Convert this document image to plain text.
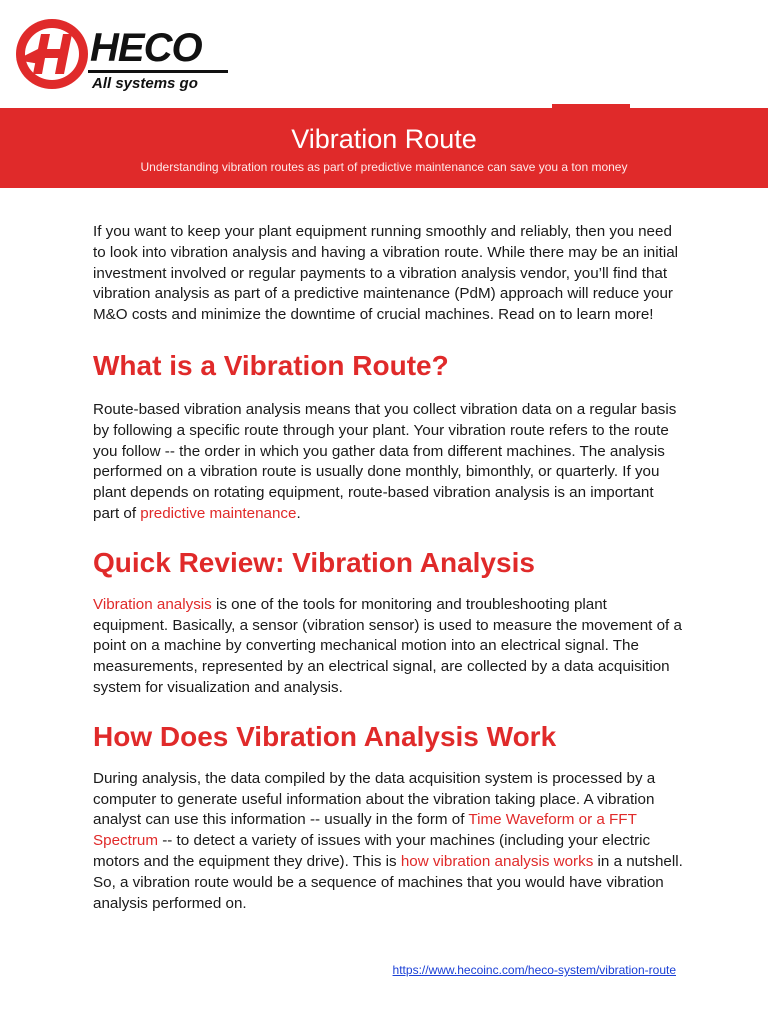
HECO
All systems go
Vibration Route
Understanding vibration routes as part of predictive maintenance can save you a ton money

If you want to keep your plant equipment running smoothly and reliably, then you need to look into vibration analysis and having a vibration route. While there may be an initial investment involved or regular payments to a vibration analysis vendor, you’ll find that vibration analysis as part of a predictive maintenance (PdM) approach will reduce your M&O costs and minimize the downtime of crucial machines. Read on to learn more!

What is a Vibration Route?

Route-based vibration analysis means that you collect vibration data on a regular basis by following a specific route through your plant. Your vibration route refers to the route you follow -- the order in which you gather data from different machines. The analysis performed on a vibration route is usually done monthly, bimonthly, or quarterly. If you plant depends on rotating equipment, route-based vibration analysis is an important part of predictive maintenance.

Quick Review: Vibration Analysis

Vibration analysis is one of the tools for monitoring and troubleshooting plant equipment. Basically, a sensor (vibration sensor) is used to measure the movement of a point on a machine by converting mechanical motion into an electrical signal. The measurements, represented by an electrical signal, are collected by a data acquisition system for visualization and analysis.

How Does Vibration Analysis Work

During analysis, the data compiled by the data acquisition system is processed by a computer to generate useful information about the vibration taking place. A vibration analyst can use this information -- usually in the form of Time Waveform or a FFT Spectrum -- to detect a variety of issues with your machines (including your electric motors and the equipment they drive). This is how vibration analysis works in a nutshell. So, a vibration route would be a sequence of machines that you would have vibration analysis performed on.

https://www.hecoinc.com/heco-system/vibration-route
